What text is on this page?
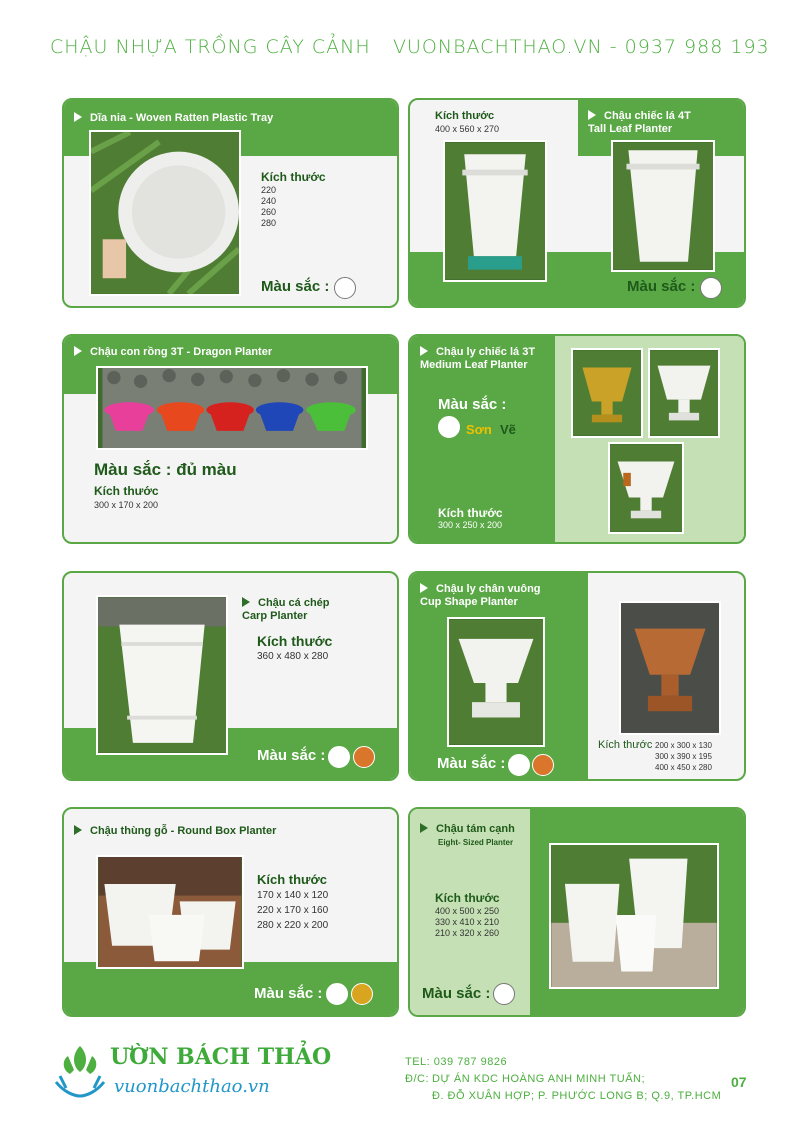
CHẬU NHỰA TRỒNG CÂY CẢNH VUONBACHTHAO.VN - 0937 988 193
Dĩa nia - Woven Ratten Plastic Tray
Kích thước
220
240
260
280
Màu sắc :
Kích thước
400 x 560 x 270
Chậu chiếc lá 4T
Tall Leaf Planter
Màu sắc :
Chậu con rồng 3T - Dragon Planter
Màu sắc : đủ màu
Kích thước
300 x 170 x 200
Chậu ly chiếc lá 3T
Medium Leaf Planter
Màu sắc :
Sơn Vẽ
Kích thước
300 x 250 x 200
Chậu cá chép
Carp Planter
Kích thước
360 x 480 x 280
Màu sắc :
Chậu ly chân vuông
Cup Shape Planter
Kích thước 200 x 300 x 130
300 x 390 x 195
400 x 450 x 280
Màu sắc :
Chậu thùng gỗ - Round Box Planter
Kích thước
170 x 140 x 120
220 x 170 x 160
280 x 220 x 200
Màu sắc :
Chậu tám cạnh
Eight- Sized Planter
Kích thước
400 x 500 x 250
330 x 410 x 210
210 x 320 x 260
Màu sắc :
ƯỜN BÁCH THẢO
vuonbachthao.vn
TEL: 039 787 9826
Đ/C: DỰ ÁN KDC HOÀNG ANH MINH TUẤN;
Đ. ĐỖ XUÂN HỢP; P. PHƯỚC LONG B; Q.9, TP.HCM
07
